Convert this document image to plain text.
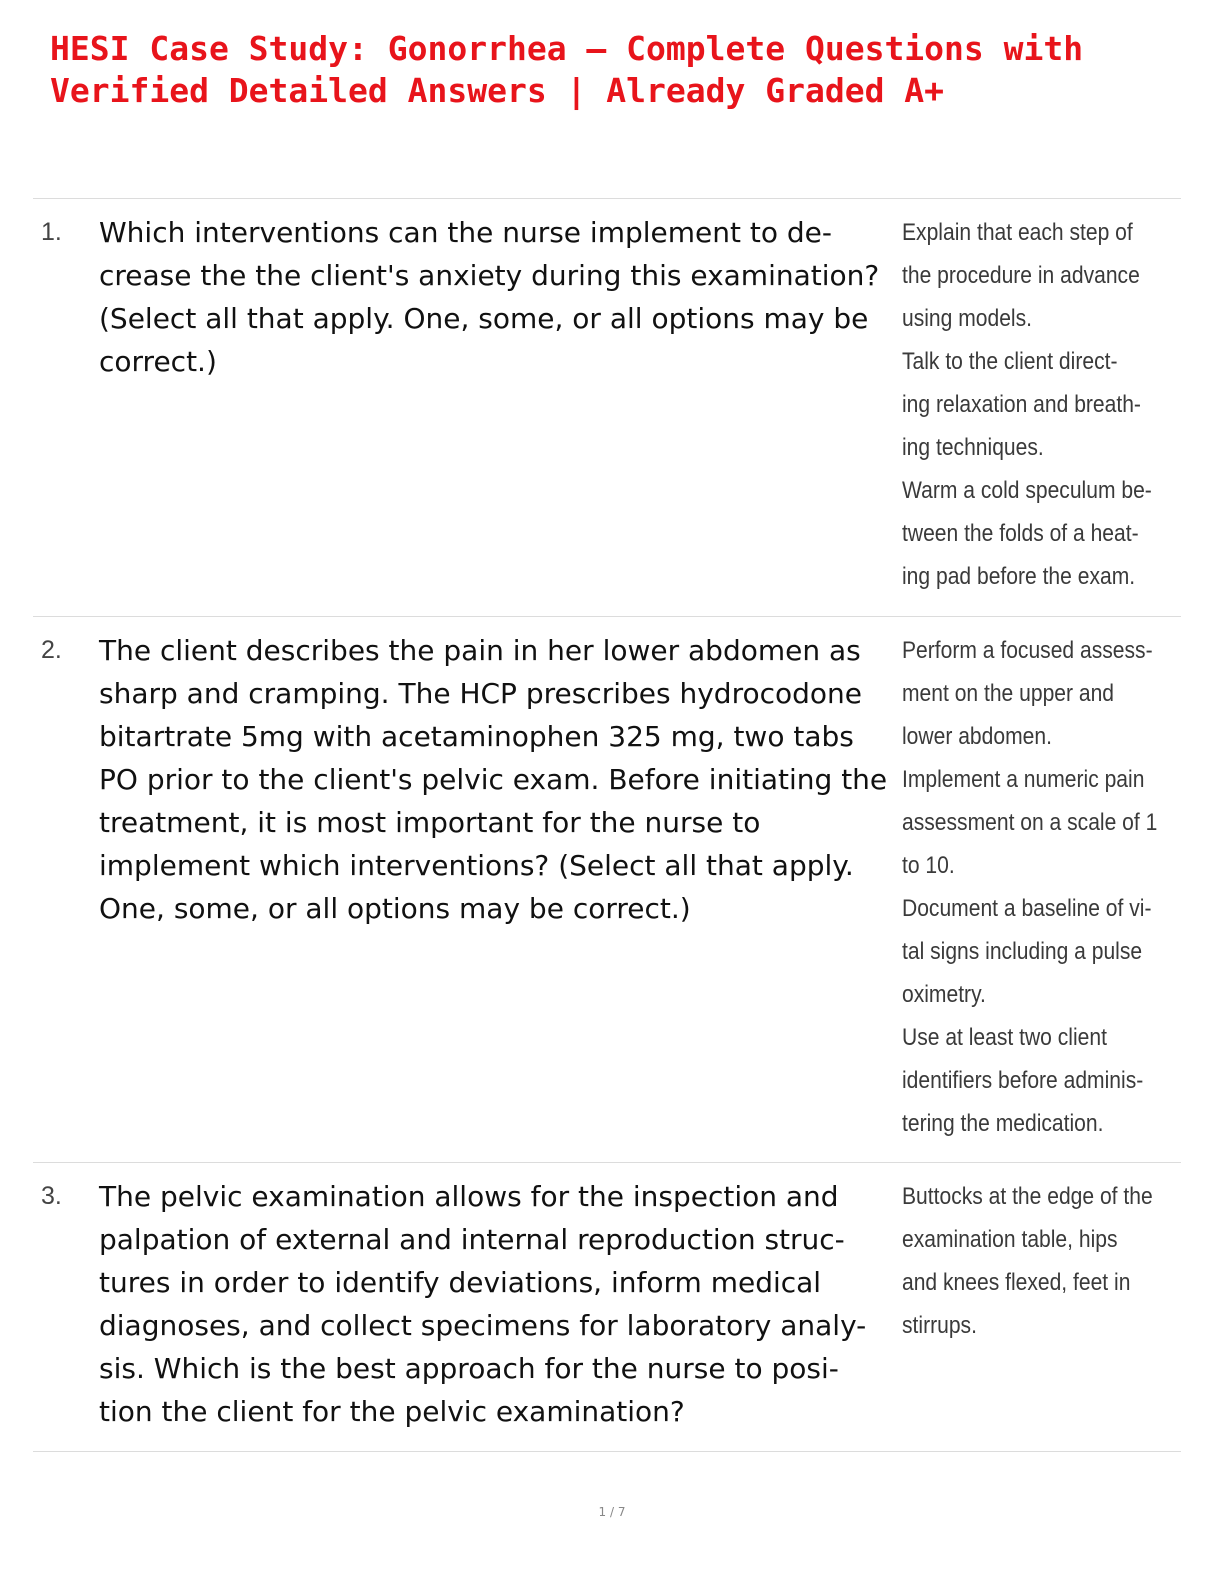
HESI Case Study: Gonorrhea – Complete Questions with Verified Detailed Answers | Already Graded A+
1. Which interventions can the nurse implement to de- crease the the client's anxiety during this examination? (Select all that apply. One, some, or all options may be correct.)

Explain that each step of
the procedure in advance
using models.
Talk to the client direct-
ing relaxation and breath-
ing techniques.
Warm a cold speculum be-
tween the folds of a heat-
ing pad before the exam.

2. The client describes the pain in her lower abdomen as sharp and cramping. The HCP prescribes hydrocodone bitartrate 5mg with acetaminophen 325 mg, two tabs PO prior to the client's pelvic exam. Before initiating the treatment, it is most important for the nurse to implement which interventions? (Select all that apply. One, some, or all options may be correct.)

Perform a focused assess-
ment on the upper and
lower abdomen.
Implement a numeric pain
assessment on a scale of 1
to 10.
Document a baseline of vi-
tal signs including a pulse
oximetry.
Use at least two client
identifiers before adminis-
tering the medication.

3. The pelvic examination allows for the inspection and palpation of external and internal reproduction struc- tures in order to identify deviations, inform medical diagnoses, and collect specimens for laboratory analy- sis. Which is the best approach for the nurse to posi- tion the client for the pelvic examination?

Buttocks at the edge of the
examination table, hips
and knees flexed, feet in
stirrups.

1 / 7
